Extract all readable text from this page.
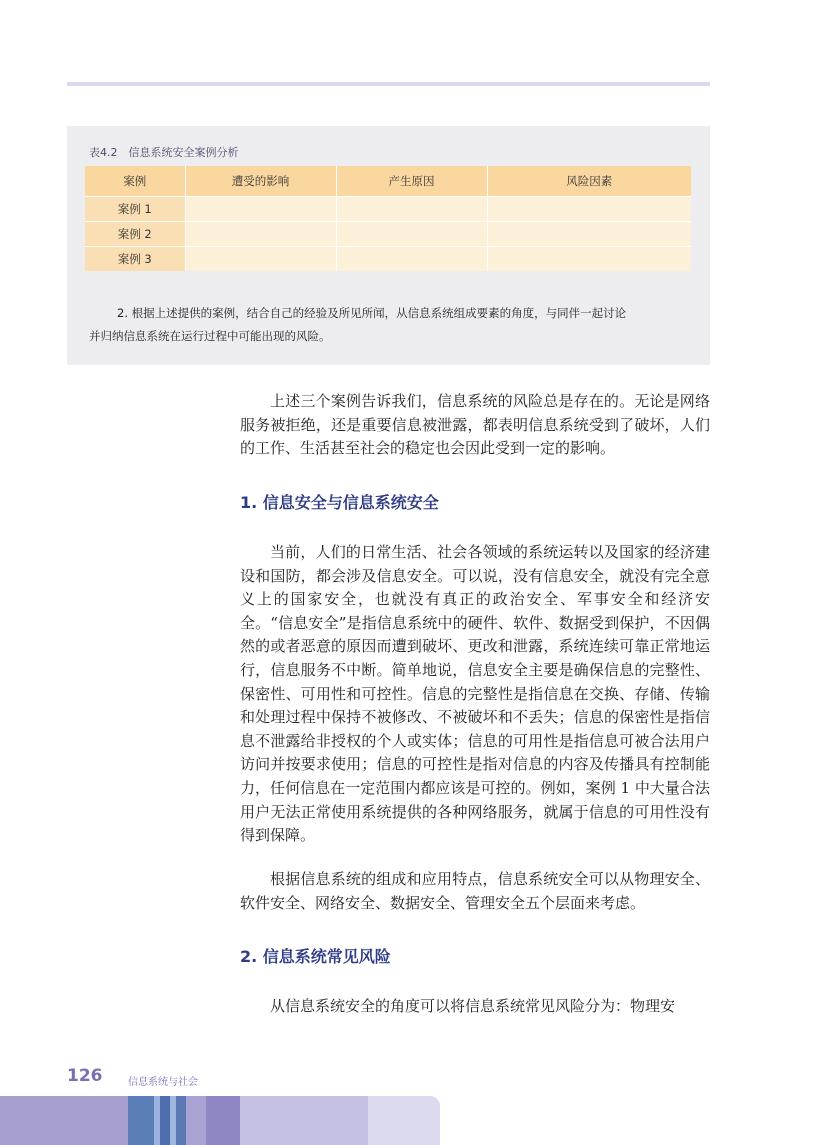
表4.2　信息系统安全案例分析
案例	遭受的影响	产生原因	风险因素
案例 1			
案例 2			
案例 3			
2. 根据上述提供的案例，结合自己的经验及所见所闻，从信息系统组成要素的角度，与同伴一起讨论
并归纳信息系统在运行过程中可能出现的风险。

上述三个案例告诉我们，信息系统的风险总是存在的。无论是网络服务被拒绝，还是重要信息被泄露，都表明信息系统受到了破坏，人们的工作、生活甚至社会的稳定也会因此受到一定的影响。

1. 信息安全与信息系统安全

当前，人们的日常生活、社会各领域的系统运转以及国家的经济建设和国防，都会涉及信息安全。可以说，没有信息安全，就没有完全意义上的国家安全，也就没有真正的政治安全、军事安全和经济安全。“信息安全”是指信息系统中的硬件、软件、数据受到保护，不因偶然的或者恶意的原因而遭到破坏、更改和泄露，系统连续可靠正常地运行，信息服务不中断。简单地说，信息安全主要是确保信息的完整性、保密性、可用性和可控性。信息的完整性是指信息在交换、存储、传输和处理过程中保持不被修改、不被破坏和不丢失；信息的保密性是指信息不泄露给非授权的个人或实体；信息的可用性是指信息可被合法用户访问并按要求使用；信息的可控性是指对信息的内容及传播具有控制能力，任何信息在一定范围内都应该是可控的。例如，案例 1 中大量合法用户无法正常使用系统提供的各种网络服务，就属于信息的可用性没有得到保障。

根据信息系统的组成和应用特点，信息系统安全可以从物理安全、软件安全、网络安全、数据安全、管理安全五个层面来考虑。

2. 信息系统常见风险

从信息系统安全的角度可以将信息系统常见风险分为：物理安

126	信息系统与社会
